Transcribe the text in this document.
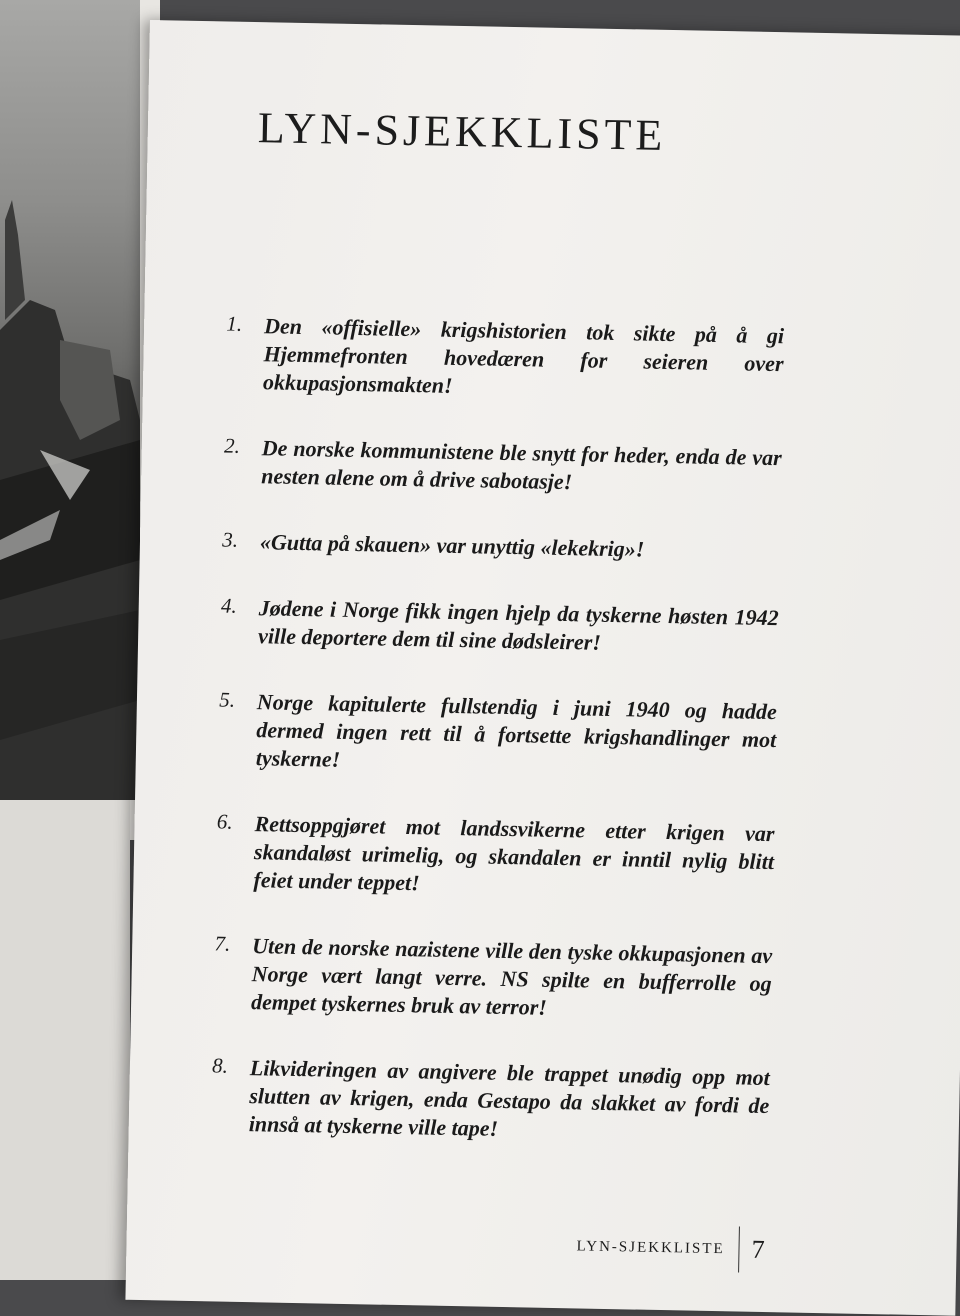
LYN-SJEKKLISTE
1. Den «offisielle» krigshistorien tok sikte på å gi Hjemmefronten hovedæren for seieren over okkupasjonsmakten!
2. De norske kommunistene ble snytt for heder, enda de var nesten alene om å drive sabotasje!
3. «Gutta på skauen» var unyttig «lekekrig»!
4. Jødene i Norge fikk ingen hjelp da tyskerne høsten 1942 ville deportere dem til sine dødsleirer!
5. Norge kapitulerte fullstendig i juni 1940 og hadde dermed ingen rett til å fortsette krigshandlinger mot tyskerne!
6. Rettsoppgjøret mot landssvikerne etter krigen var skandaløst urimelig, og skandalen er inntil nylig blitt feiet under teppet!
7. Uten de norske nazistene ville den tyske okkupasjonen av Norge vært langt verre. NS spilte en bufferrolle og dempet tyskernes bruk av terror!
8. Likvideringen av angivere ble trappet unødig opp mot slutten av krigen, enda Gestapo da slakket av fordi de innså at tyskerne ville tape!
LYN-SJEKKLISTE	7
